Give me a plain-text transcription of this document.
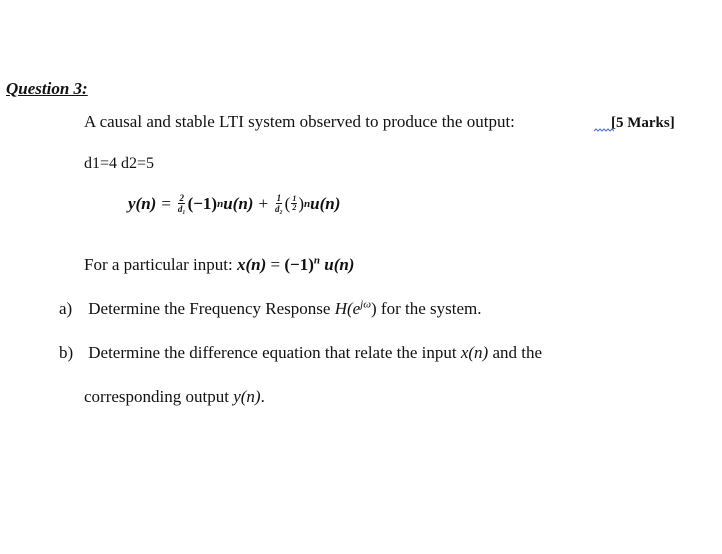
Question 3:
A causal and stable LTI system observed to produce the output:	[5 Marks]
d1=4 d2=5
$y(n) = \frac{2}{\text{d₁}} (-1)$ n $u(n) + \frac{1}{\text{d₂}}$ ( $\frac{1}{2}$ ) n u(n)
For a particular input: $x(n) = (-1)^n$ u(n)
a) Determine the Frequency Response $H(e^{j\omega})$ for the system.
b) Determine the difference equation that relate the input x(n) and the
corresponding output y(n).
